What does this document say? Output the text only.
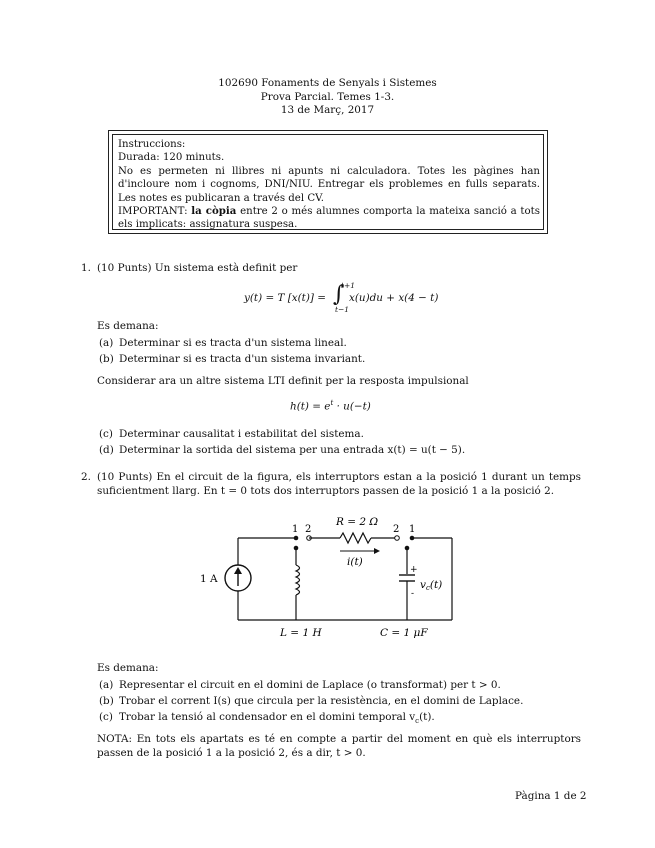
102690 Fonaments de Senyals i Sistemes
Prova Parcial. Temes 1-3.
13 de Març, 2017
Instruccions:
Durada: 120 minuts.
No es permeten ni llibres ni apunts ni calculadora. Totes les pàgines han d'incloure nom i cognoms, DNI/NIU. Entregar els problemes en fulls separats. Les notes es publicaran a través del CV.
IMPORTANT: la còpia entre 2 o més alumnes comporta la mateixa sanció a tots els implicats: assignatura suspesa.
1. (10 Punts) Un sistema està definit per
y(t) = T [x(t)] = ∫
t+1
t−1
x(u)du + x(4 − t)
Es demana:
(a) Determinar si es tracta d'un sistema lineal.
(b) Determinar si es tracta d'un sistema invariant.
Considerar ara un altre sistema LTI definit per la resposta impulsional
$h(t) = e^t \cdot u(-t)$
(c) Determinar causalitat i estabilitat del sistema.
(d) Determinar la sortida del sistema per una entrada x(t) = u(t − 5).
2. (10 Punts) En el circuit de la figura, els interruptors estan a la posició 1 durant un temps suficientment llarg. En t = 0 tots dos interruptors passen de la posició 1 a la posició 2.
1 2	2 1
R = 2 Ω
i(t)
1 A
L = 1 H	C = 1 μF
+
-
vc(t)
Es demana:
(a) Representar el circuit en el domini de Laplace (o transformat) per t > 0.
(b) Trobar el corrent I(s) que circula per la resistència, en el domini de Laplace.
(c) Trobar la tensió al condensador en el domini temporal $v_c(t)$.
NOTA: En tots els apartats es té en compte a partir del moment en què els interruptors passen de la posició 1 a la posició 2, és a dir, t > 0.
Pàgina 1 de 2
